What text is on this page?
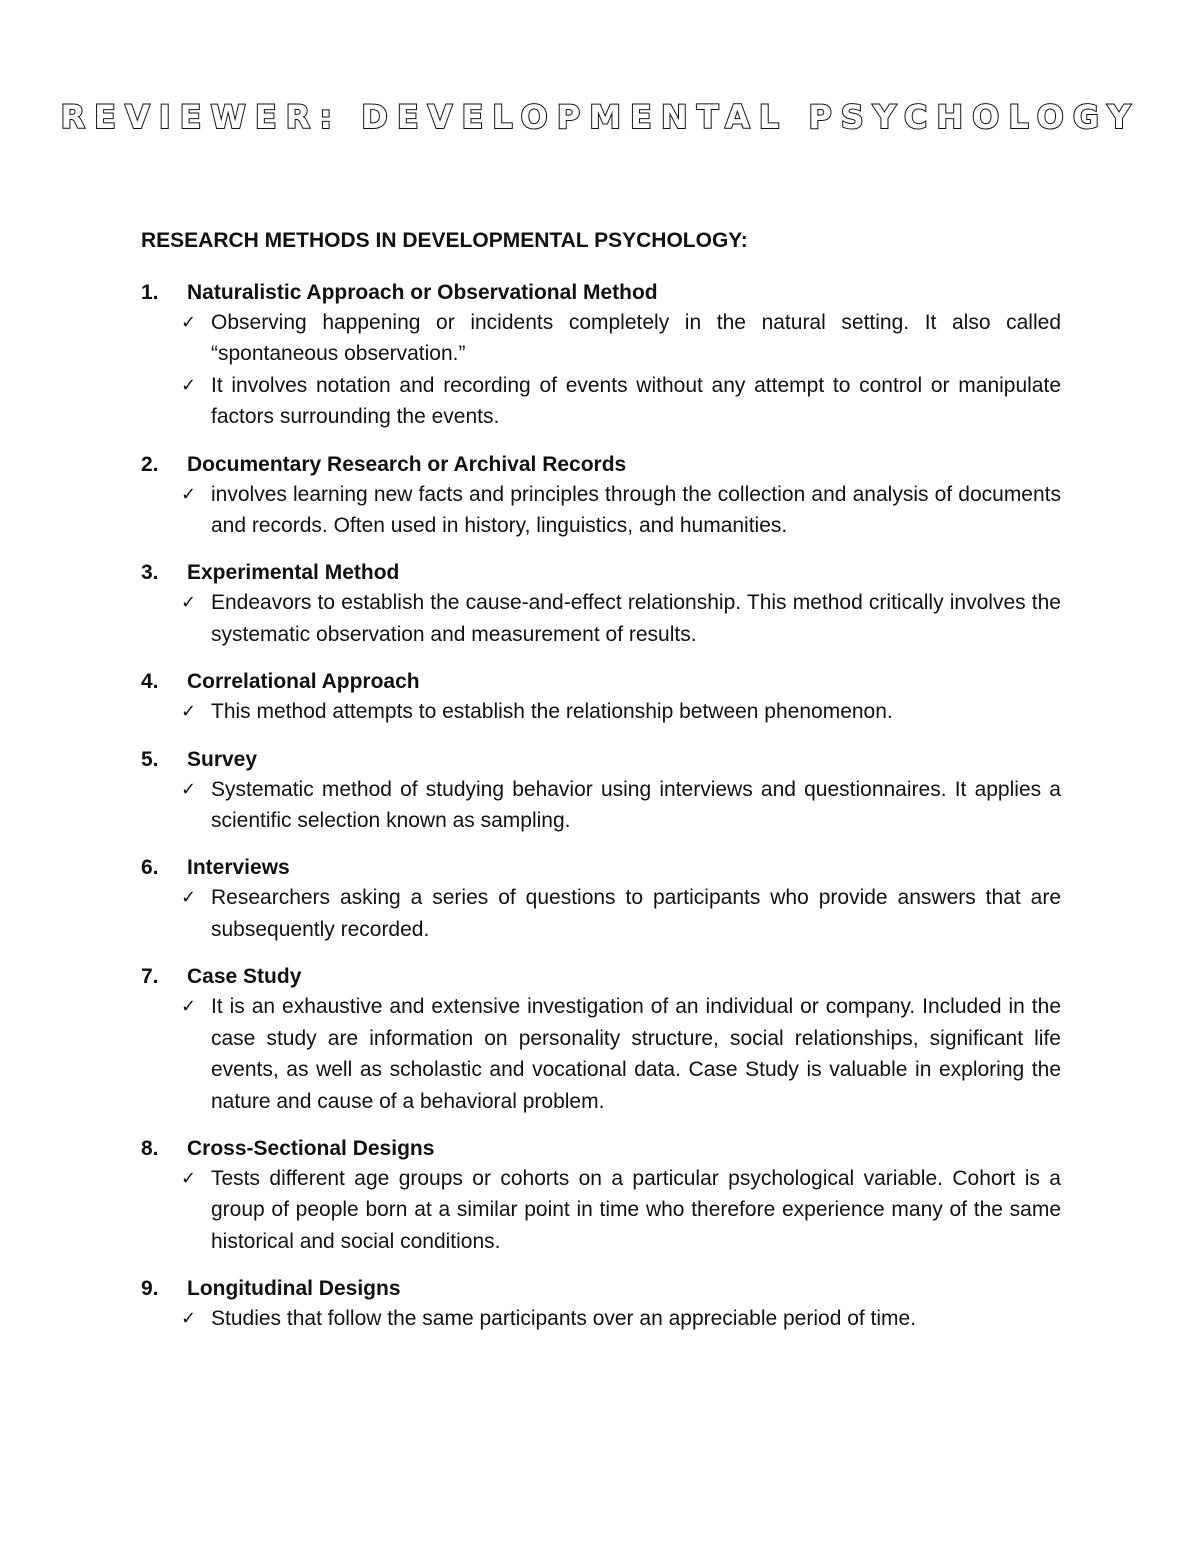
REVIEWER: DEVELOPMENTAL PSYCHOLOGY
RESEARCH METHODS IN DEVELOPMENTAL PSYCHOLOGY:
1.	Naturalistic Approach or Observational Method
✓ Observing happening or incidents completely in the natural setting. It also called “spontaneous observation.”
✓ It involves notation and recording of events without any attempt to control or manipulate factors surrounding the events.
2.	Documentary Research or Archival Records
✓ involves learning new facts and principles through the collection and analysis of documents and records. Often used in history, linguistics, and humanities.
3.	Experimental Method
✓ Endeavors to establish the cause-and-effect relationship. This method critically involves the systematic observation and measurement of results.
4.	Correlational Approach
✓ This method attempts to establish the relationship between phenomenon.
5.	Survey
✓ Systematic method of studying behavior using interviews and questionnaires. It applies a scientific selection known as sampling.
6.	Interviews
✓ Researchers asking a series of questions to participants who provide answers that are subsequently recorded.
7.	Case Study
✓ It is an exhaustive and extensive investigation of an individual or company. Included in the case study are information on personality structure, social relationships, significant life events, as well as scholastic and vocational data. Case Study is valuable in exploring the nature and cause of a behavioral problem.
8.	Cross-Sectional Designs
✓ Tests different age groups or cohorts on a particular psychological variable. Cohort is a group of people born at a similar point in time who therefore experience many of the same historical and social conditions.
9.	Longitudinal Designs
✓ Studies that follow the same participants over an appreciable period of time.
